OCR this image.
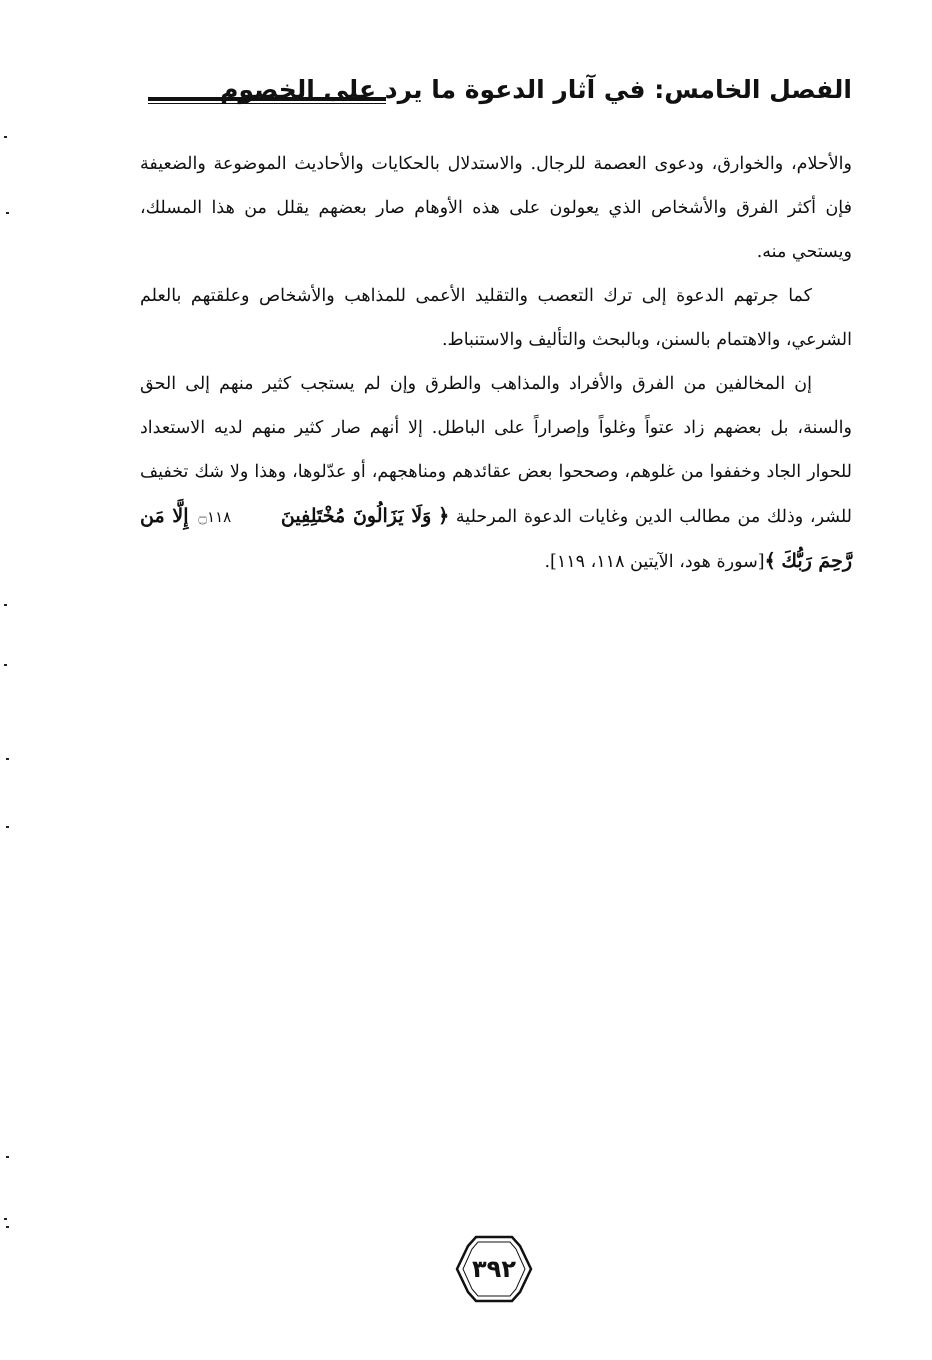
الفصل الخامس: في آثار الدعوة ما يرد على الخصوم

والأحلام، والخوارق، ودعوى العصمة للرجال. والاستدلال بالحكايات والأحاديث الموضوعة والضعيفة فإن أكثر الفرق والأشخاص الذي يعولون على هذه الأوهام صار بعضهم يقلل من هذا المسلك، ويستحي منه.

كما جرتهم الدعوة إلى ترك التعصب والتقليد الأعمى للمذاهب والأشخاص وعلقتهم بالعلم الشرعي، والاهتمام بالسنن، وبالبحث والتأليف والاستنباط.

إن المخالفين من الفرق والأفراد والمذاهب والطرق وإن لم يستجب كثير منهم إلى الحق والسنة، بل بعضهم زاد عتواً وغلواً وإصراراً على الباطل. إلا أنهم صار كثير منهم لديه الاستعداد للحوار الجاد وخففوا من غلوهم، وصححوا بعض عقائدهم ومناهجهم، أو عدّلوها، وهذا ولا شك تخفيف للشر، وذلك من مطالب الدين وغايات الدعوة المرحلية ﴿ وَلَا يَزَالُونَ مُخْتَلِفِينَ ۝١١٨ إِلَّا مَن رَّحِمَ رَبُّكَ ﴾[سورة هود، الآيتين ١١٨، ١١٩].

٣٩٢
